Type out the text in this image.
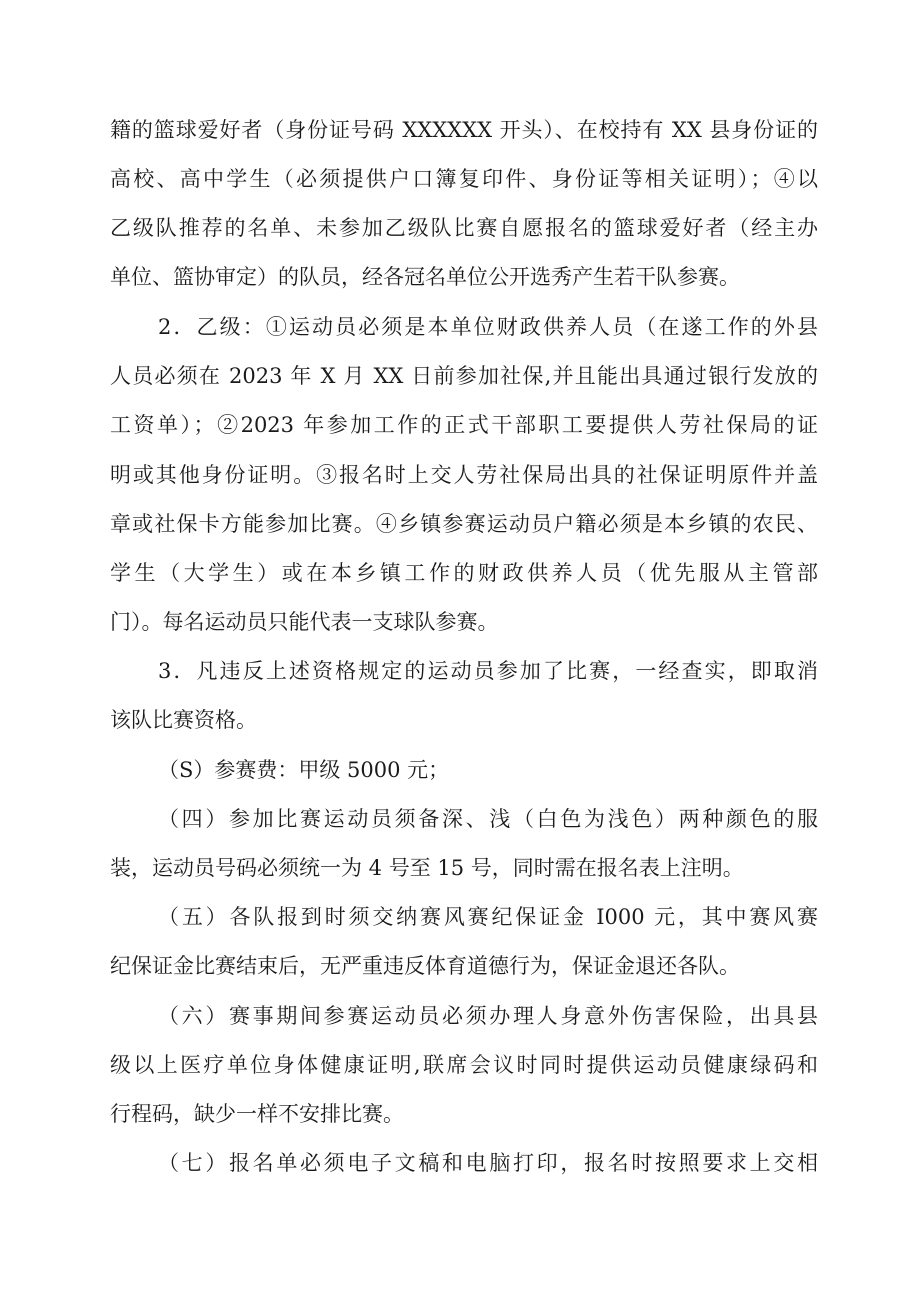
籍的篮球爱好者（身份证号码 XXXXXX 开头）、在校持有 XX 县身份证的
高校、高中学生（必须提供户口簿复印件、身份证等相关证明）；④以
乙级队推荐的名单、未参加乙级队比赛自愿报名的篮球爱好者（经主办
单位、篮协审定）的队员，经各冠名单位公开选秀产生若干队参赛。
2．乙级：①运动员必须是本单位财政供养人员（在遂工作的外县
人员必须在 2023 年 X 月 XX 日前参加社保,并且能出具通过银行发放的
工资单）；②2023 年参加工作的正式干部职工要提供人劳社保局的证
明或其他身份证明。③报名时上交人劳社保局出具的社保证明原件并盖
章或社保卡方能参加比赛。④乡镇参赛运动员户籍必须是本乡镇的农民、
学生（大学生）或在本乡镇工作的财政供养人员（优先服从主管部
门）。每名运动员只能代表一支球队参赛。
3．凡违反上述资格规定的运动员参加了比赛，一经查实，即取消
该队比赛资格。
（S）参赛费：甲级 5000 元；
（四）参加比赛运动员须备深、浅（白色为浅色）两种颜色的服
装，运动员号码必须统一为 4 号至 15 号，同时需在报名表上注明。
（五）各队报到时须交纳赛风赛纪保证金 I000 元，其中赛风赛
纪保证金比赛结束后，无严重违反体育道德行为，保证金退还各队。
（六）赛事期间参赛运动员必须办理人身意外伤害保险，出具县
级以上医疗单位身体健康证明,联席会议时同时提供运动员健康绿码和
行程码，缺少一样不安排比赛。
（七）报名单必须电子文稿和电脑打印，报名时按照要求上交相
